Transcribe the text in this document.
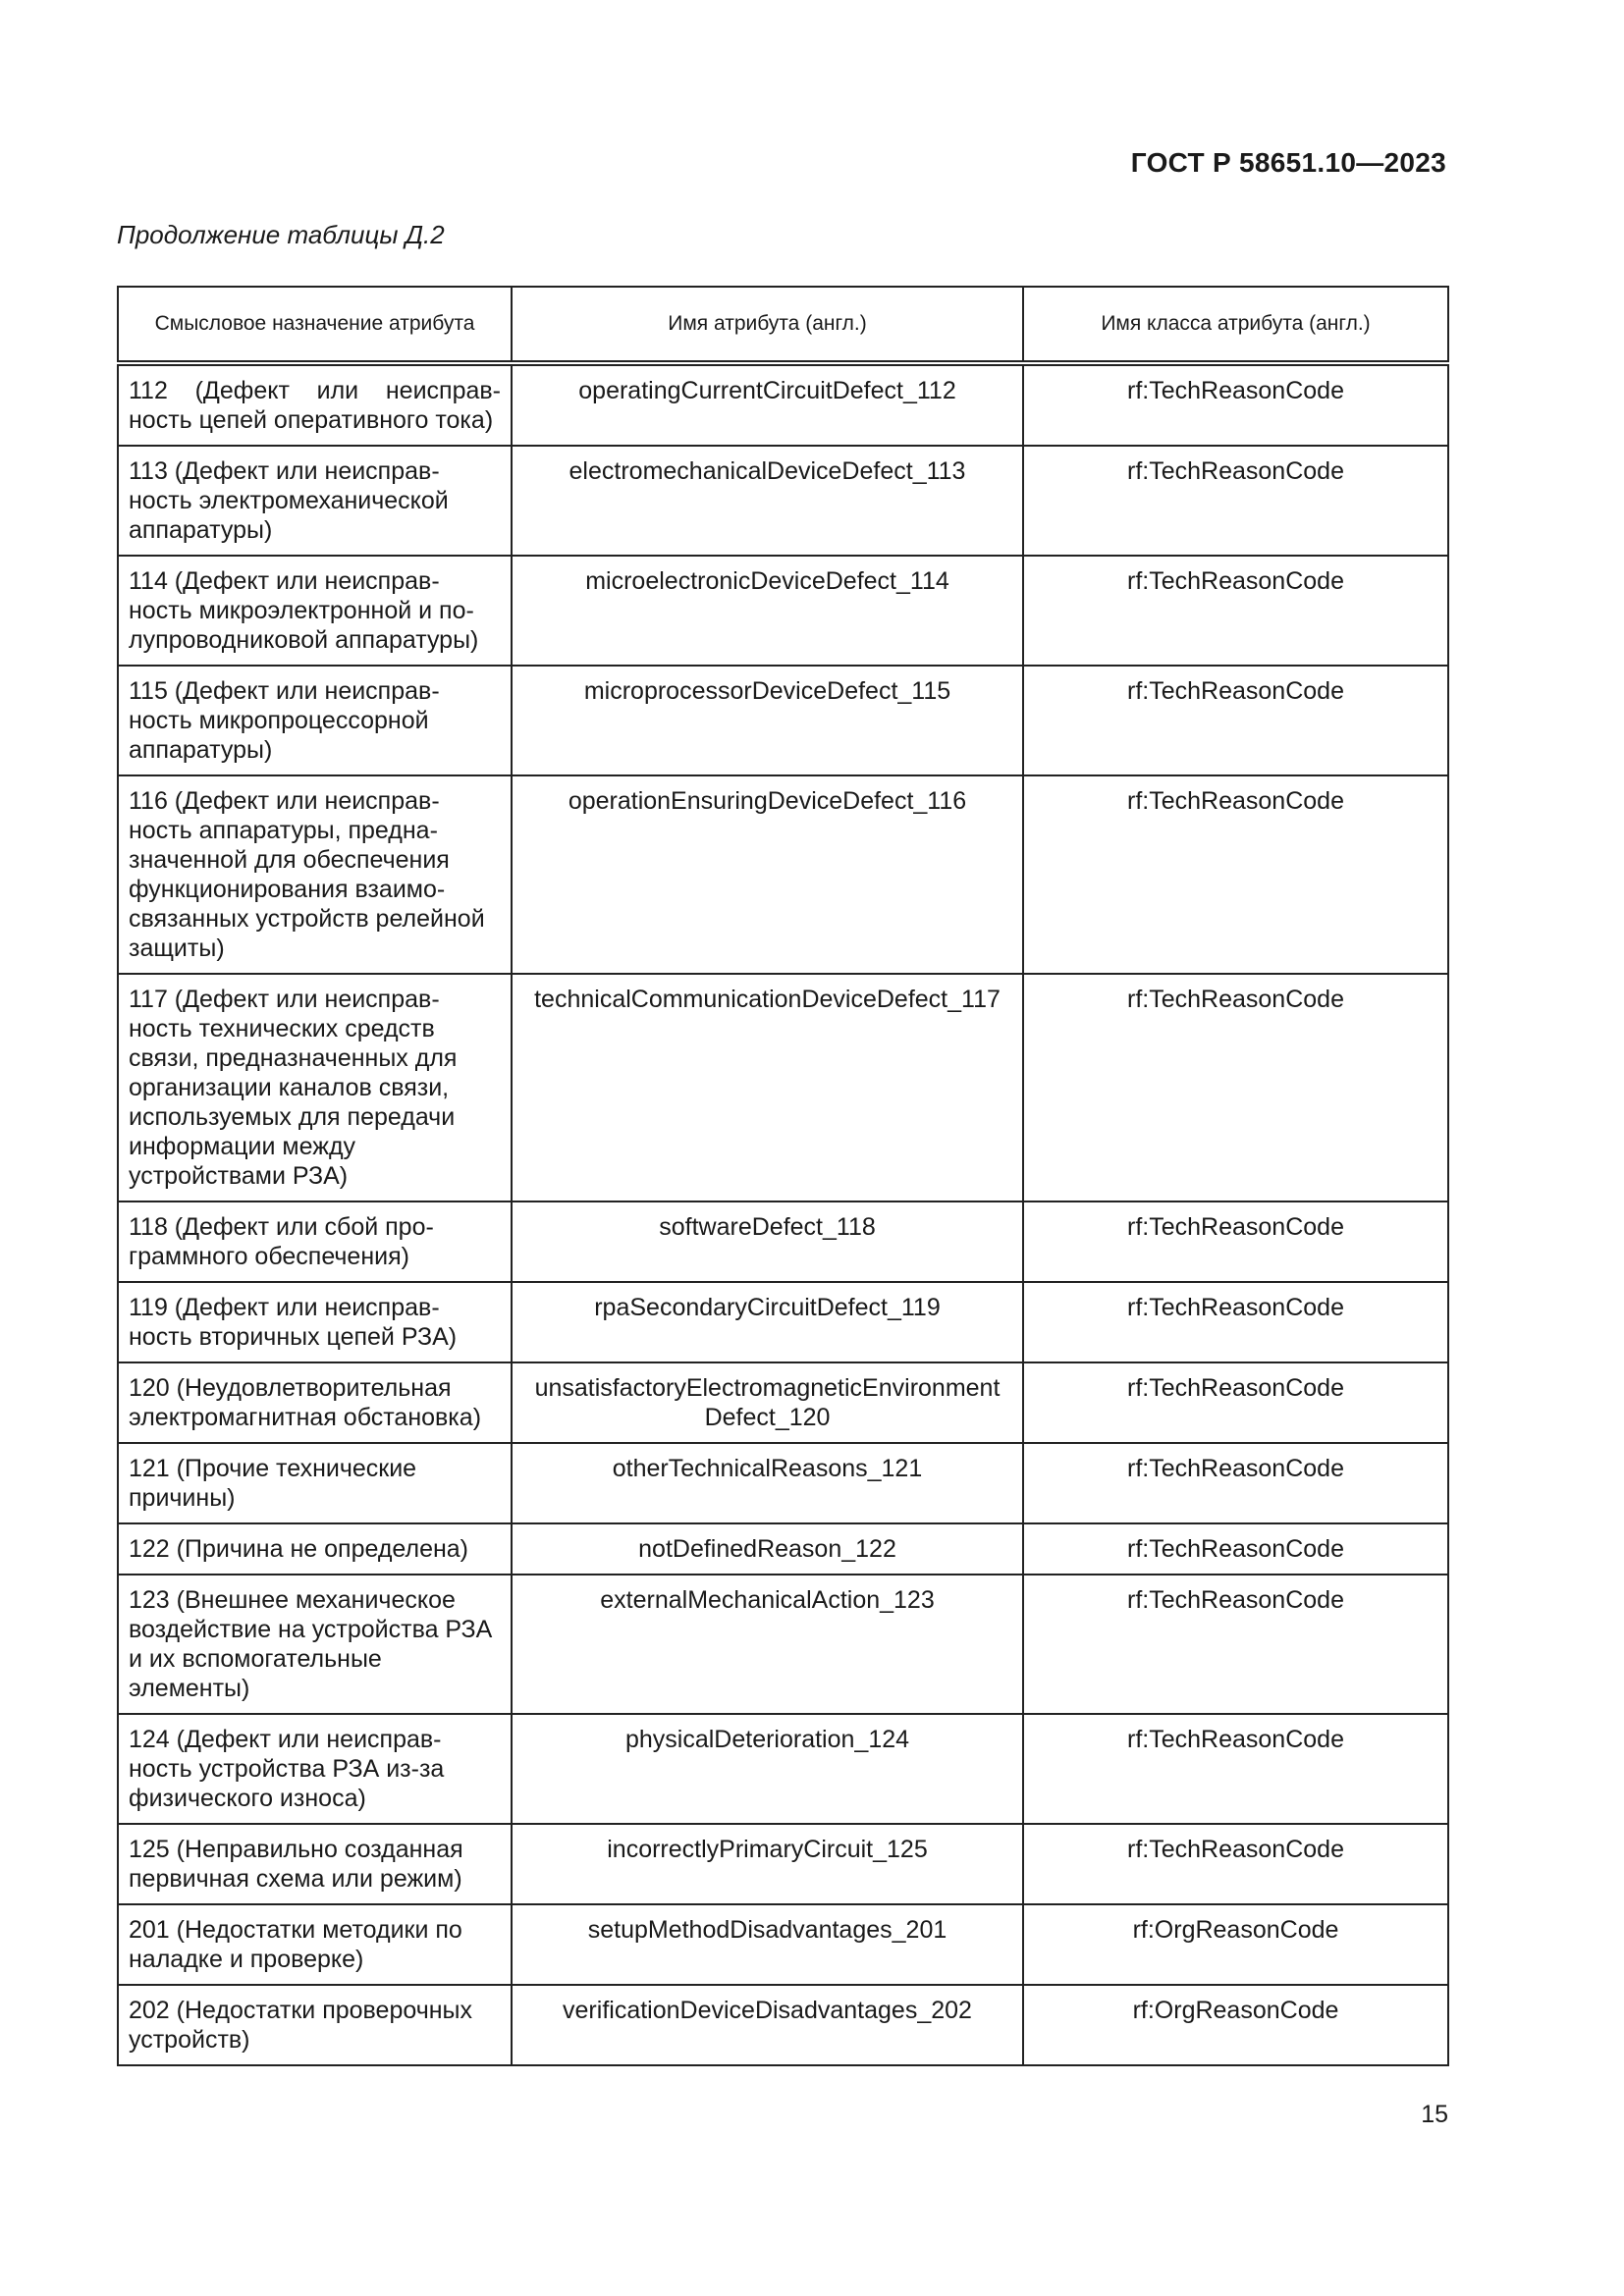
ГОСТ Р 58651.10—2023
Продолжение таблицы Д.2
Смысловое назначение атрибута	Имя атрибута (англ.)	Имя класса атрибута (англ.)
112 (Дефект или неисправ-ность цепей оперативного тока)	operatingCurrentCircuitDefect_112	rf:TechReasonCode
113 (Дефект или неисправ-ность электромеханической аппаратуры)	electromechanicalDeviceDefect_113	rf:TechReasonCode
114 (Дефект или неисправ-ность микроэлектронной и по-лупроводниковой аппаратуры)	microelectronicDeviceDefect_114	rf:TechReasonCode
115 (Дефект или неисправ-ность микропроцессорной аппаратуры)	microprocessorDeviceDefect_115	rf:TechReasonCode
116 (Дефект или неисправ-ность аппаратуры, предна-значенной для обеспечения функционирования взаимо-связанных устройств релейной защиты)	operationEnsuringDeviceDefect_116	rf:TechReasonCode
117 (Дефект или неисправ-ность технических средств связи, предназначенных для организации каналов связи, используемых для передачи информации между устройствами РЗА)	technicalCommunicationDeviceDefect_117	rf:TechReasonCode
118 (Дефект или сбой про-граммного обеспечения)	softwareDefect_118	rf:TechReasonCode
119 (Дефект или неисправ-ность вторичных цепей РЗА)	rpaSecondaryCircuitDefect_119	rf:TechReasonCode
120 (Неудовлетворительная электромагнитная обстановка)	unsatisfactoryElectromagneticEnvironment Defect_120	rf:TechReasonCode
121 (Прочие технические причины)	otherTechnicalReasons_121	rf:TechReasonCode
122 (Причина не определена)	notDefinedReason_122	rf:TechReasonCode
123 (Внешнее механическое воздействие на устройства РЗА и их вспомогательные элементы)	externalMechanicalAction_123	rf:TechReasonCode
124 (Дефект или неисправ-ность устройства РЗА из-за физического износа)	physicalDeterioration_124	rf:TechReasonCode
125 (Неправильно созданная первичная схема или режим)	incorrectlyPrimaryCircuit_125	rf:TechReasonCode
201 (Недостатки методики по наладке и проверке)	setupMethodDisadvantages_201	rf:OrgReasonCode
202 (Недостатки проверочных устройств)	verificationDeviceDisadvantages_202	rf:OrgReasonCode
15
